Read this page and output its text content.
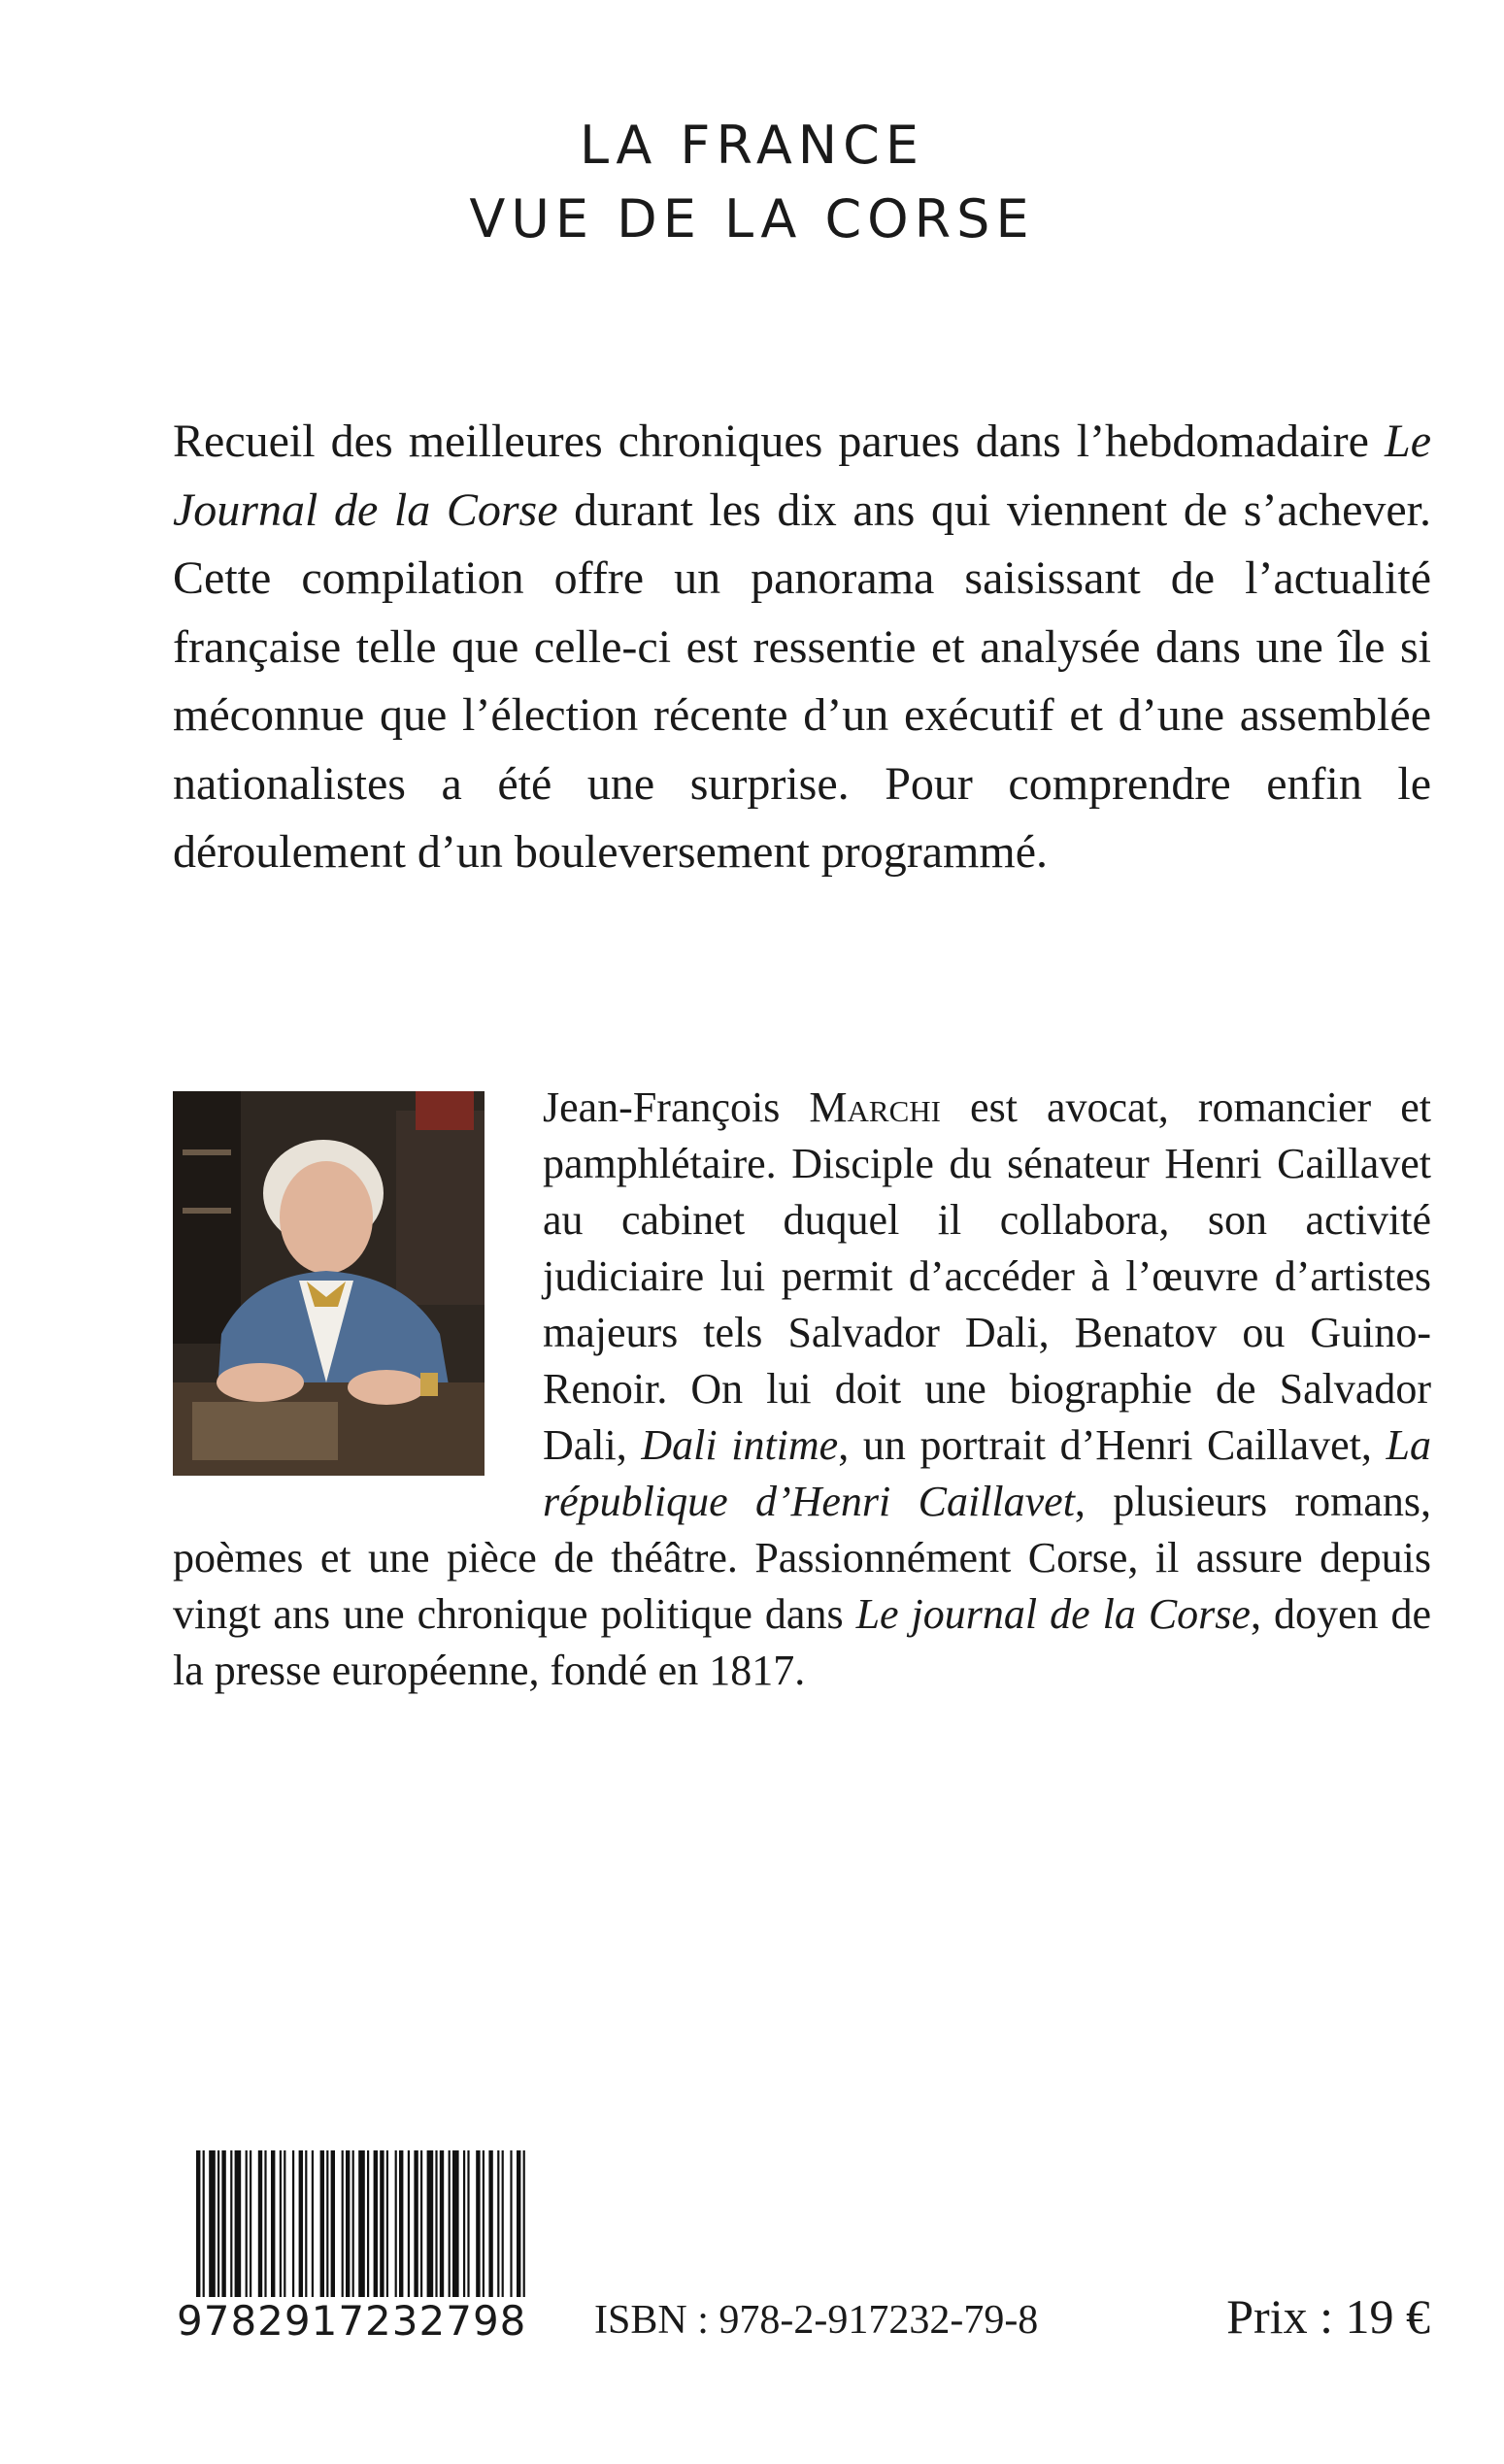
LA FRANCE
VUE DE LA CORSE
Recueil des meilleures chroniques parues dans l’hebdomadaire Le Journal de la Corse durant les dix ans qui viennent de s’achever. Cette compilation offre un panorama saisissant de l’actualité française telle que celle-ci est ressentie et analysée dans une île si méconnue que l’élection récente d’un exécutif et d’une assemblée nationalistes a été une surprise. Pour comprendre enfin le déroulement d’un bouleversement programmé.

Jean-François Marchi est avocat, romancier et pamphlétaire. Disciple du sénateur Henri Caillavet au cabinet duquel il collabora, son activité judiciaire lui permit d’accéder à l’œuvre d’artistes majeurs tels Salvador Dali, Benatov ou Guino-Renoir. On lui doit une biographie de Salvador Dali, Dali intime, un portrait d’Henri Caillavet, La république d’Henri Caillavet, plusieurs romans, poèmes et une pièce de théâtre. Passionnément Corse, il assure depuis vingt ans une chronique politique dans Le journal de la Corse, doyen de la presse européenne, fondé en 1817.

9782917232798 ISBN : 978-2-917232-79-8	Prix : 19 €
